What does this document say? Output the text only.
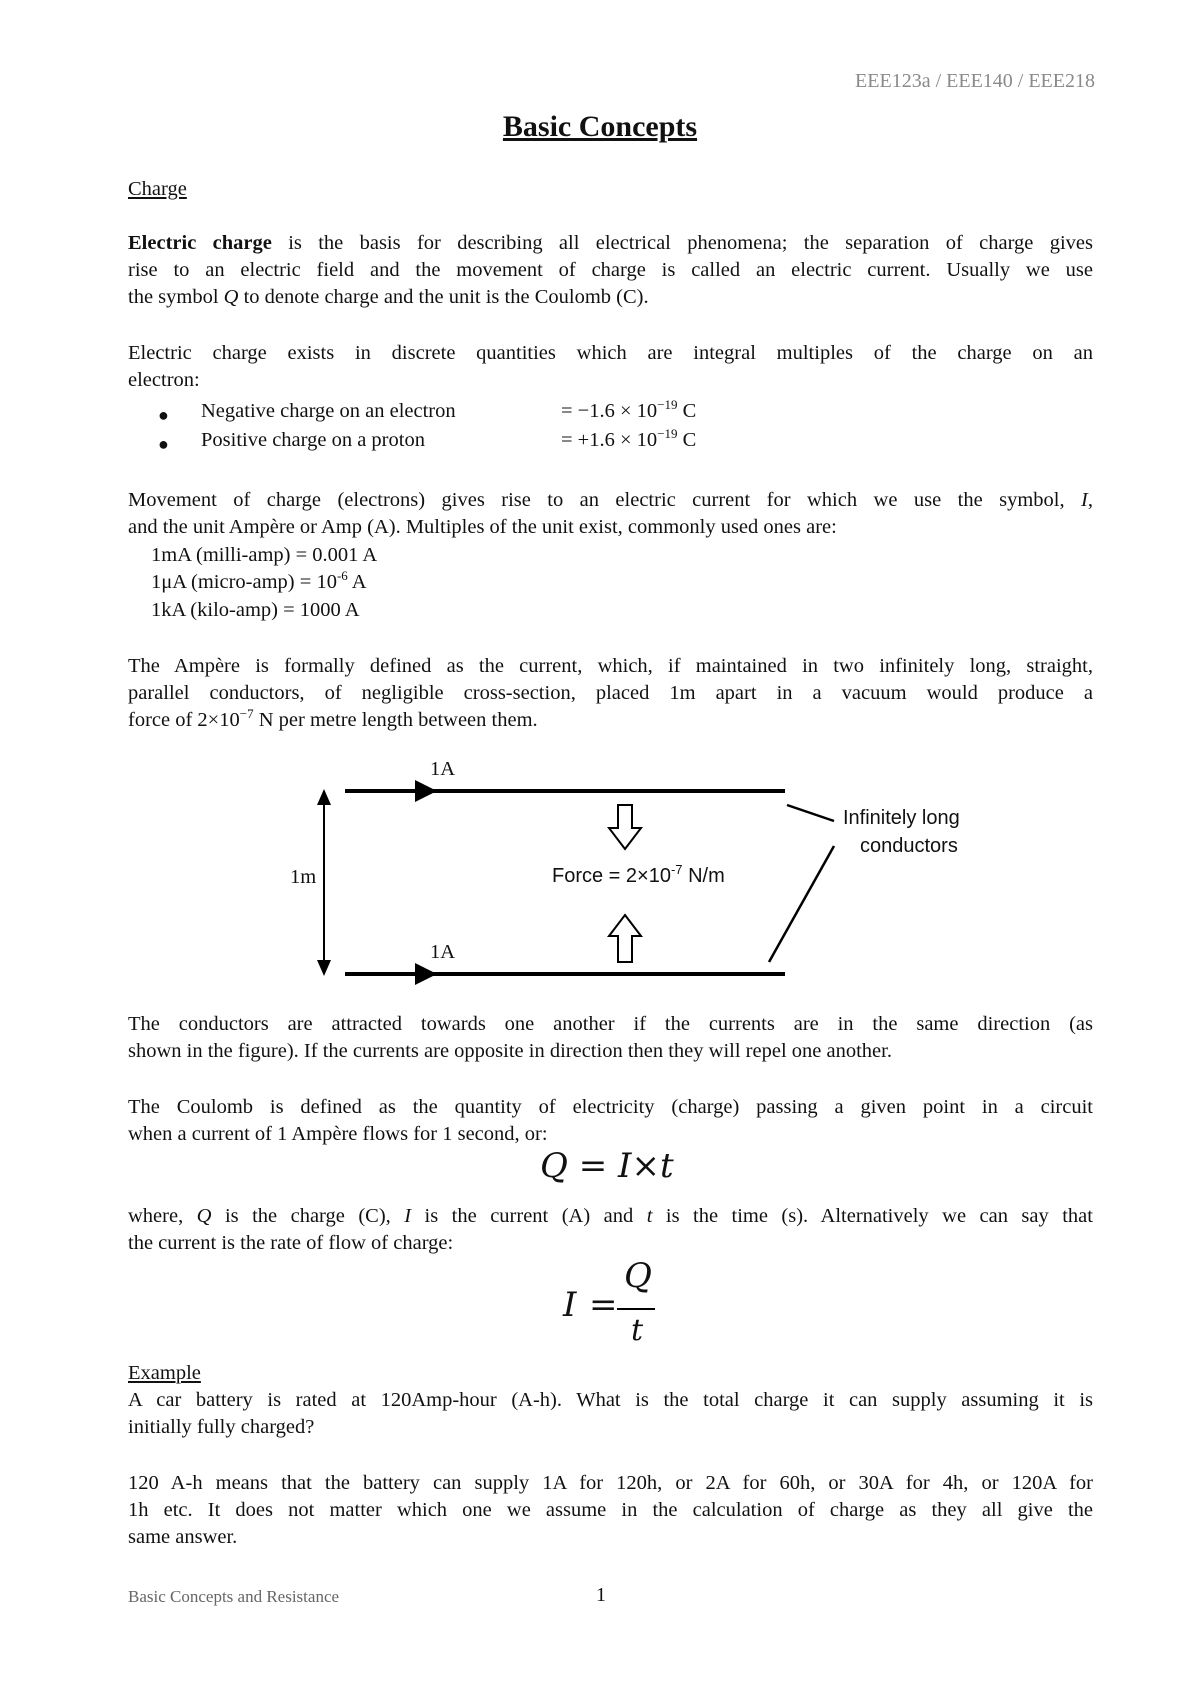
EEE123a / EEE140 / EEE218
Basic Concepts
Charge
Electric charge is the basis for describing all electrical phenomena; the separation of charge gives
rise to an electric field and the movement of charge is called an electric current. Usually we use
the symbol Q to denote charge and the unit is the Coulomb (C).
Electric charge exists in discrete quantities which are integral multiples of the charge on an
electron:
● Negative charge on an electron	= $-1.6 \times 10^{-19}$ C
● Positive charge on a proton	= $+1.6 \times 10^{-19}$ C
Movement of charge (electrons) gives rise to an electric current for which we use the symbol, I,
and the unit Ampère or Amp (A). Multiples of the unit exist, commonly used ones are:
1mA (milli-amp) = 0.001 A
1μA (micro-amp) = $10^{-6}$ A
1kA (kilo-amp) = 1000 A
The Ampère is formally defined as the current, which, if maintained in two infinitely long, straight,
parallel conductors, of negligible cross-section, placed 1m apart in a vacuum would produce a
force of $2\times 10^{-7}$ N per metre length between them.
1A
1A
1m	Force = $2\times 10^{-7}$ N/m
Infinitely long
conductors
The conductors are attracted towards one another if the currents are in the same direction (as
shown in the figure). If the currents are opposite in direction then they will repel one another.
The Coulomb is defined as the quantity of electricity (charge) passing a given point in a circuit
when a current of 1 Ampère flows for 1 second, or:
Q = I×t
where, Q is the charge (C), I is the current (A) and t is the time (s). Alternatively we can say that
the current is the rate of flow of charge:
I =
Q
t
Example
A car battery is rated at 120Amp-hour (A-h). What is the total charge it can supply assuming it is
initially fully charged?
120 A-h means that the battery can supply 1A for 120h, or 2A for 60h, or 30A for 4h, or 120A for
1h etc. It does not matter which one we assume in the calculation of charge as they all give the
same answer.
Basic Concepts and Resistance	1
